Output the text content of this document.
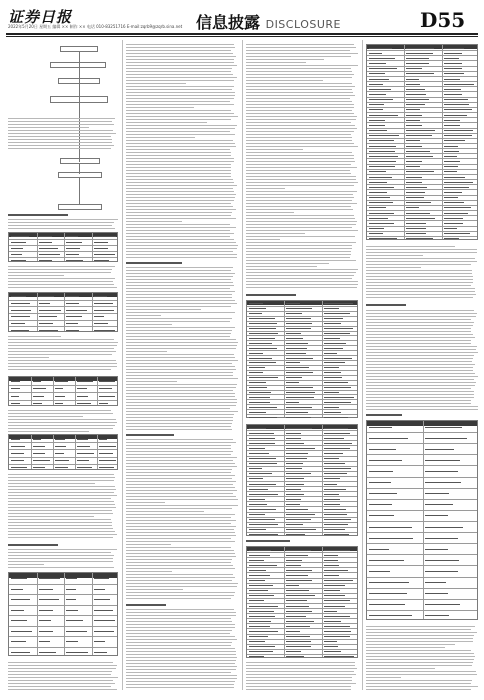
证券日报
2022年5月20日 星期五 编辑 ×× 制作 ×× 电话 010-83251716 E-mail:zqrb9@zqrb.sina.net 信息披露 DISCLOSURE	D55
